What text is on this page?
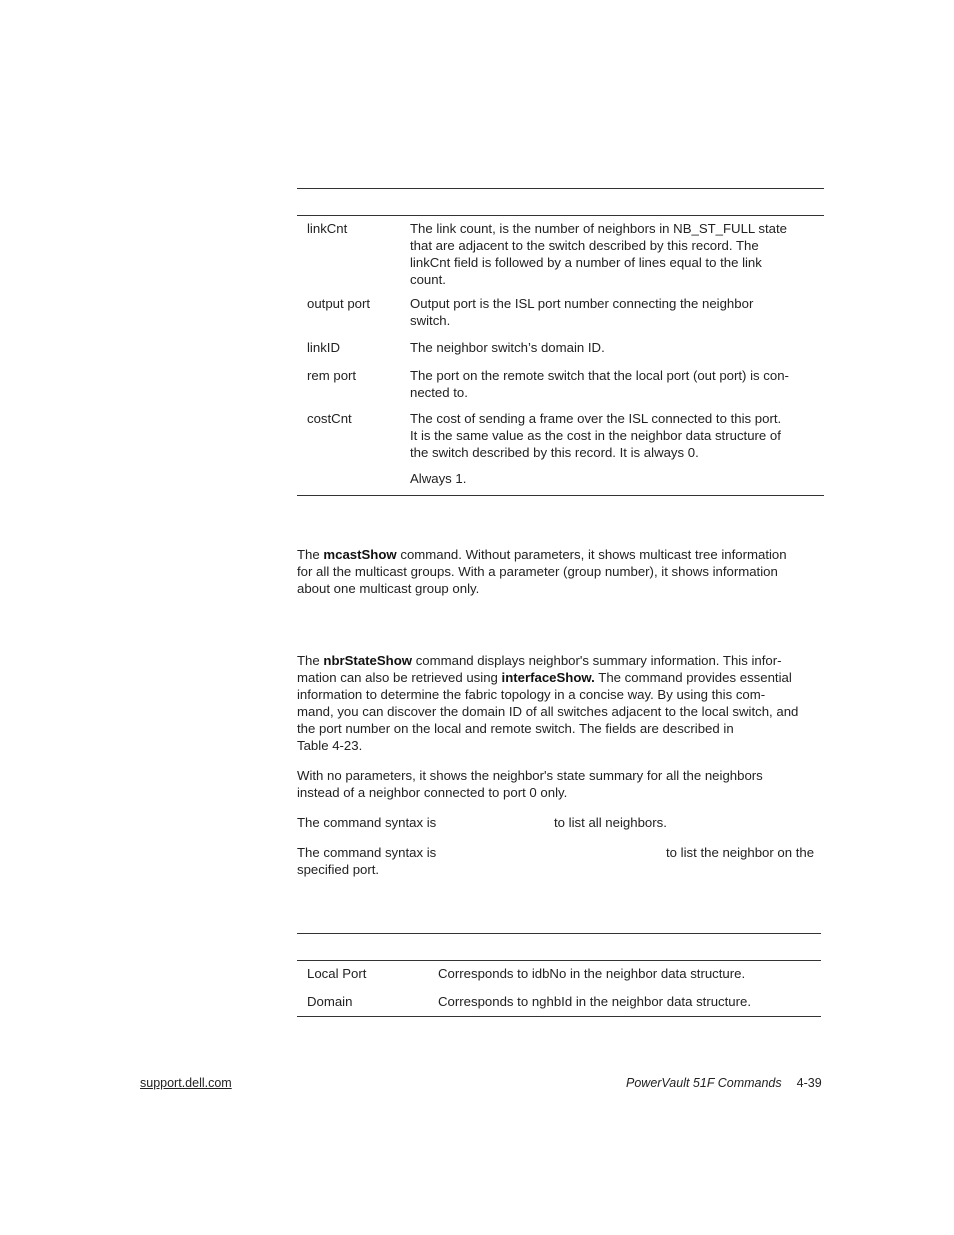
linkCnt	The link count, is the number of neighbors in NB_ST_FULL state
that are adjacent to the switch described by this record. The
linkCnt field is followed by a number of lines equal to the link
count.
output port	Output port is the ISL port number connecting the neighbor
switch.
linkID	The neighbor switch’s domain ID.
rem port	The port on the remote switch that the local port (out port) is con-
nected to.
costCnt	The cost of sending a frame over the ISL connected to this port.
It is the same value as the cost in the neighbor data structure of
the switch described by this record. It is always 0.
Always 1.
The mcastShow command. Without parameters, it shows multicast tree information
for all the multicast groups. With a parameter (group number), it shows information
about one multicast group only.
The nbrStateShow command displays neighbor's summary information. This infor-
mation can also be retrieved using interfaceShow. The command provides essential
information to determine the fabric topology in a concise way. By using this com-
mand, you can discover the domain ID of all switches adjacent to the local switch, and
the port number on the local and remote switch. The fields are described in
Table 4-23.
With no parameters, it shows the neighbor's state summary for all the neighbors
instead of a neighbor connected to port 0 only.
The command syntax is	to list all neighbors.
The command syntax is	to list the neighbor on the
specified port.
Local Port	Corresponds to idbNo in the neighbor data structure.
Domain	Corresponds to nghbId in the neighbor data structure.
support.dell.com	PowerVault 51F Commands 4-39
